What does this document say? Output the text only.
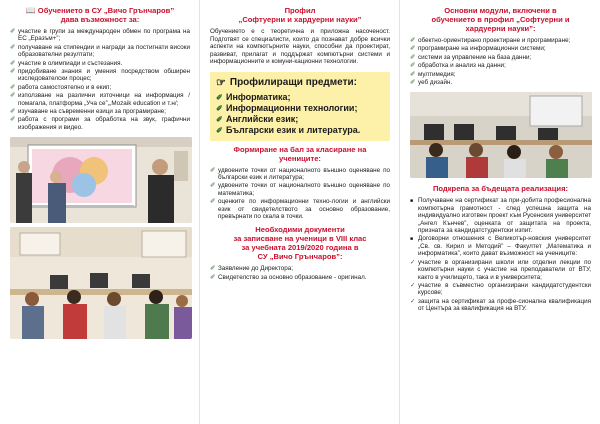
📖 Обучението в СУ „Вичо Грънчаров”
дава възможност за:
✐ участие в групи за международен обмен по програма на ЕС „Еразъм+”;
✐ получаване на стипендии и награди за постигнати високи образователни резултати;
✐ участие в олимпиади и състезания.
✐ придобиване знания и умения посредством обширен изследователски процес;
✐ работа самостоятелно и в екип;
✐ използване на различни източници на информация /помагала, платформа „Уча се”,„Mozaik education и т.н/;
✐ изучаване на съвременни езици за програмиране;
✐ работа с програми за обработка на звук, графични изображения и видео.
Профил
„Софтуерни и хардуерни науки”

Обучението е с теоретична и приложна насоченост. Подготвят се специалисти, които да познават добре всички аспекти на компютърните науки, способни да проектират, развиват, прилагат и поддържат компютърни системи и информационните и комуни-кационни технологии.

☞ Профилиращи предмети:
✐ Информатика;
✐ Информационни технологии;
✐ Английски език;
✐ Български език и литература.
Формиране на бал за класиране на
учениците:
✐ удвоените точки от националното външно оценяване по български език и литература;
✐ удвоените точки от националното външно оценяване по математика;
✐ оценките по информационни техно-логии и английски език от свидетелството за основно образование, превърнати по скала в точки.
Необходими документи
за записване на ученици в VIII клас
за учебната 2019/2020 година в
СУ „Вичо Грънчаров”:
✐ Заявление до Директора;
✐ Свидетелство за основно образование - оригинал.
Основни модули, включени в
обучението в профил „Софтуерни и
хардуерни науки”:
✐ обектно-ориентирано проектиране и програмиране;
✐ програмиране на информационни системи;
✐ системи за управление на база данни;
✐ обработка и анализ на данни;
✐ мултимедия;
✐ уеб дизайн.
Подкрепа за бъдещата реализация:
■ Получаване на сертификат за при-добита професионална компютърна грамотност - след успешна защита на индивидуално изготвен проект към Русенския университет „Ангел Кънчев”, оценката от защитата на проекта, призната за кандидатстудентски изпит.
■ Договорни отношения с Великотър-новския университет „Св. св. Кирил и Методий” – Факултет „Математика и информатика”, които дават възможност на учениците:
✓ участие в организирани школи или отделни лекции по компютърни науки с участие на преподаватели от ВТУ, както в училището, така и в университета;
✓ участие в съвместно организирани кандидатстудентски курсове;
✓ защита на сертификат за профе-сионална квалификация от Центъра за квалификация на ВТУ.
